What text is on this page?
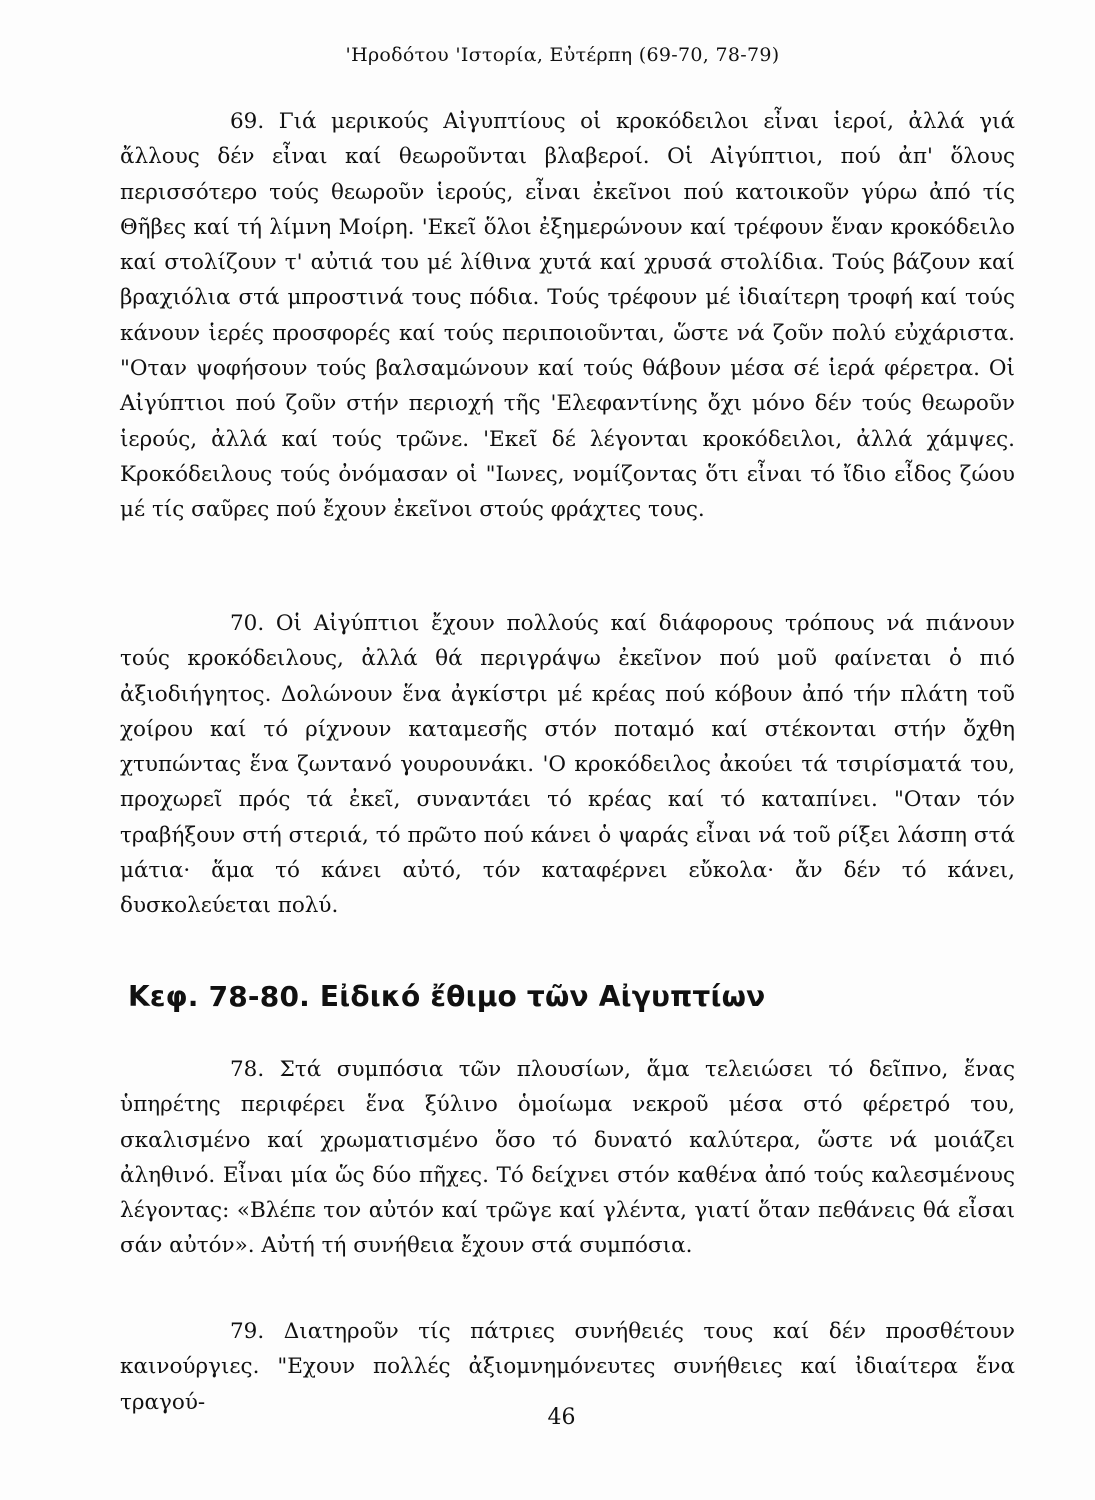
'Ηροδότου 'Ιστορία, Εὐτέρπη (69-70, 78-79)

69. Γιά μερικούς Αἰγυπτίους οἱ κροκόδειλοι εἶναι ἱεροί, ἀλλά γιά ἄλλους δέν εἶναι καί θεωροῦνται βλαβεροί. Οἱ Αἰγύπτιοι, πού ἀπ' ὅλους περισσότερο τούς θεωροῦν ἱερούς, εἶναι ἐκεῖνοι πού κατοικοῦν γύρω ἀπό τίς Θῆβες καί τή λίμνη Μοίρη. 'Εκεῖ ὅλοι ἐξημερώνουν καί τρέφουν ἕναν κροκόδειλο καί στολίζουν τ' αὐτιά του μέ λίθινα χυτά καί χρυσά στολίδια. Τούς βάζουν καί βραχιόλια στά μπροστινά τους πόδια. Τούς τρέφουν μέ ἰδιαίτερη τροφή καί τούς κάνουν ἱερές προσφορές καί τούς περιποιοῦνται, ὥστε νά ζοῦν πολύ εὐχάριστα. "Οταν ψοφήσουν τούς βαλσαμώνουν καί τούς θάβουν μέσα σέ ἱερά φέρετρα. Οἱ Αἰγύπτιοι πού ζοῦν στήν περιοχή τῆς 'Ελεφαντίνης ὄχι μόνο δέν τούς θεωροῦν ἱερούς, ἀλλά καί τούς τρῶνε. 'Εκεῖ δέ λέγονται κροκόδειλοι, ἀλλά χάμψες. Κροκόδειλους τούς ὀνόμασαν οἱ "Ιωνες, νομίζοντας ὅτι εἶναι τό ἴδιο εἶδος ζώου μέ τίς σαῦρες πού ἔχουν ἐκεῖνοι στούς φράχτες τους.

70. Οἱ Αἰγύπτιοι ἔχουν πολλούς καί διάφορους τρόπους νά πιάνουν τούς κροκόδειλους, ἀλλά θά περιγράψω ἐκεῖνον πού μοῦ φαίνεται ὁ πιό ἀξιοδιήγητος. Δολώνουν ἕνα ἀγκίστρι μέ κρέας πού κόβουν ἀπό τήν πλάτη τοῦ χοίρου καί τό ρίχνουν καταμεσῆς στόν ποταμό καί στέκονται στήν ὄχθη χτυπώντας ἕνα ζωντανό γουρουνάκι. 'Ο κροκόδειλος ἀκούει τά τσιρίσματά του, προχωρεῖ πρός τά ἐκεῖ, συναντάει τό κρέας καί τό καταπίνει. "Οταν τόν τραβήξουν στή στεριά, τό πρῶτο πού κάνει ὁ ψαράς εἶναι νά τοῦ ρίξει λάσπη στά μάτια· ἅμα τό κάνει αὐτό, τόν καταφέρνει εὔκολα· ἄν δέν τό κάνει, δυσκολεύεται πολύ.

Κεφ. 78-80. Εἰδικό ἔθιμο τῶν Αἰγυπτίων

78. Στά συμπόσια τῶν πλουσίων, ἅμα τελειώσει τό δεῖπνο, ἕνας ὑπηρέτης περιφέρει ἕνα ξύλινο ὁμοίωμα νεκροῦ μέσα στό φέρετρό του, σκαλισμένο καί χρωματισμένο ὅσο τό δυνατό καλύτερα, ὥστε νά μοιάζει ἀληθινό. Εἶναι μία ὥς δύο πῆχες. Τό δείχνει στόν καθένα ἀπό τούς καλεσμένους λέγοντας: «Βλέπε τον αὐτόν καί τρῶγε καί γλέντα, γιατί ὅταν πεθάνεις θά εἶσαι σάν αὐτόν». Αὐτή τή συνήθεια ἔχουν στά συμπόσια.

79. Διατηροῦν τίς πάτριες συνήθειές τους καί δέν προσθέτουν καινούργιες. "Εχουν πολλές ἀξιομνημόνευτες συνήθειες καί ἰδιαίτερα ἕνα τραγού-

46
